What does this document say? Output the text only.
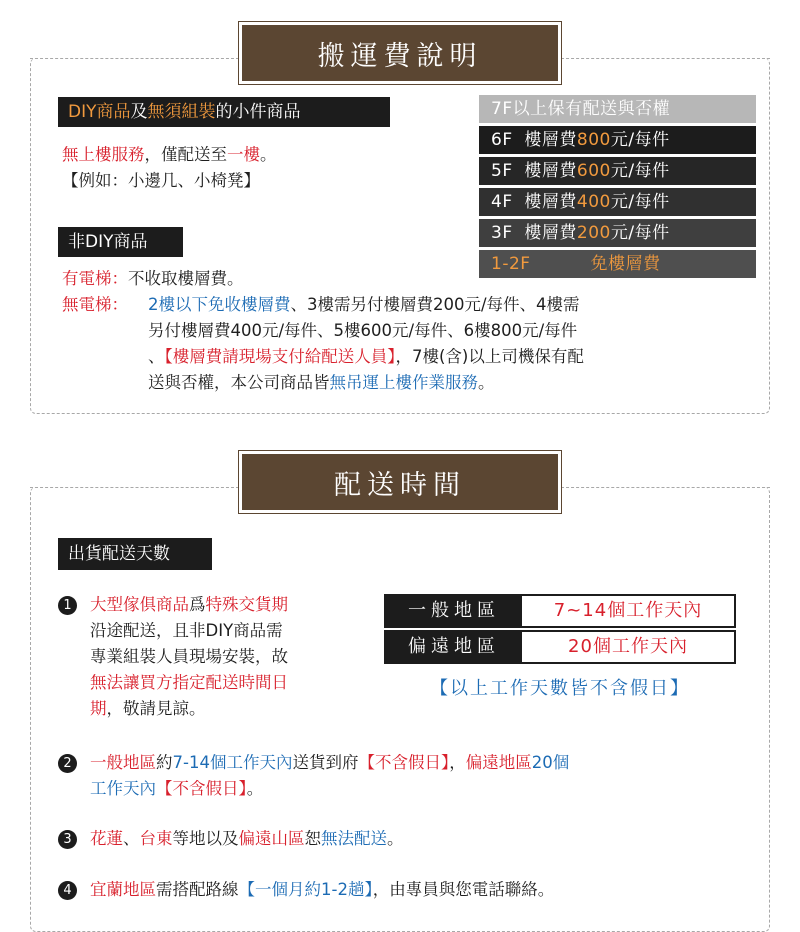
搬運費說明
DIY商品及無須組裝的小件商品
無上樓服務，僅配送至一樓。
【例如：小邊几、小椅凳】
非DIY商品
有電梯：不收取樓層費。
無電梯： 2樓以下免收樓層費、3樓需另付樓層費200元/每件、4樓需
另付樓層費400元/每件、5樓600元/每件、6樓800元/每件
、【樓層費請現場支付給配送人員】，7樓(含)以上司機保有配
送與否權，本公司商品皆無吊運上樓作業服務。
7F以上保有配送與否權
6F 樓層費800元/每件
5F 樓層費600元/每件
4F 樓層費400元/每件
3F 樓層費200元/每件
1-2F	免樓層費
配送時間
出貨配送天數
1	大型傢俱商品爲特殊交貨期
沿途配送，且非DIY商品需
專業組裝人員現場安裝，故
無法讓買方指定配送時間日
期，敬請見諒。
一般地區	7~14個工作天內
偏遠地區	20個工作天內
【以上工作天數皆不含假日】
2	一般地區約7-14個工作天內送貨到府【不含假日】，偏遠地區20個
工作天內【不含假日】。
3	花蓮、台東等地以及偏遠山區恕無法配送。
4	宜蘭地區需搭配路線【一個月約1-2趟】，由專員與您電話聯絡。
